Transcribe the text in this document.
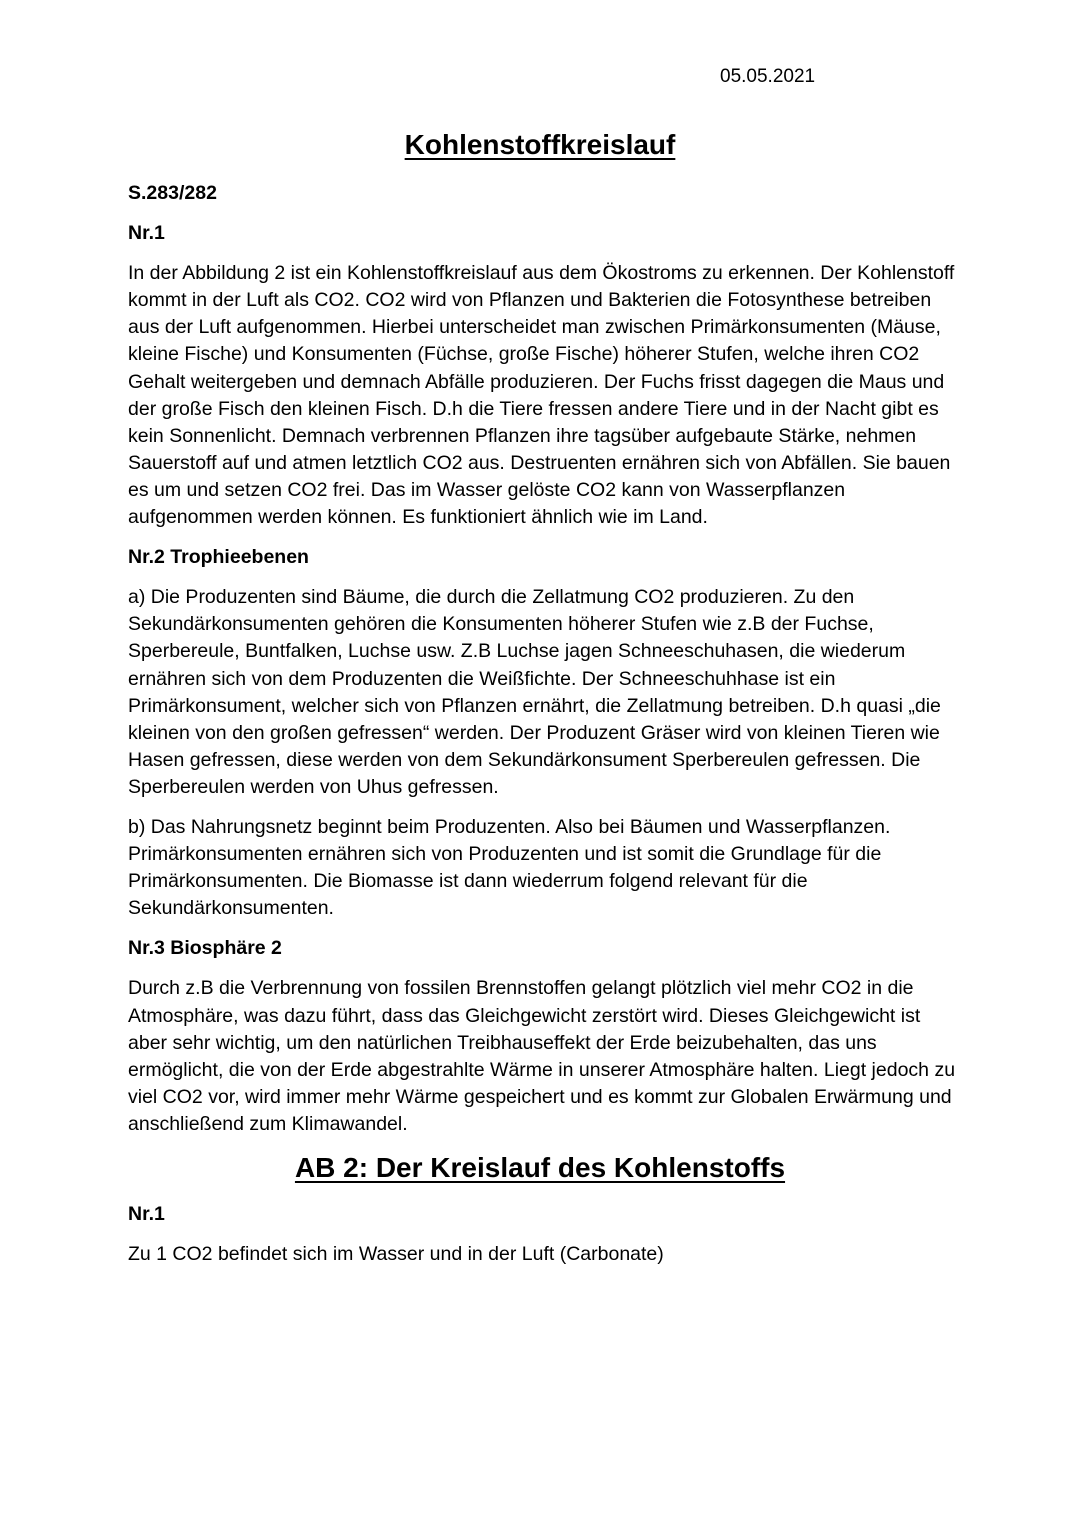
05.05.2021
Kohlenstoffkreislauf
S.283/282
Nr.1
In der Abbildung 2 ist ein Kohlenstoffkreislauf aus dem Ökostroms zu erkennen. Der Kohlenstoff kommt in der Luft als CO2. CO2 wird von Pflanzen und Bakterien die Fotosynthese betreiben aus der Luft aufgenommen. Hierbei unterscheidet man zwischen Primärkonsumenten (Mäuse, kleine Fische) und Konsumenten (Füchse, große Fische) höherer Stufen, welche ihren CO2 Gehalt weitergeben und demnach Abfälle produzieren. Der Fuchs frisst dagegen die Maus und der große Fisch den kleinen Fisch. D.h die Tiere fressen andere Tiere und in der Nacht gibt es kein Sonnenlicht. Demnach verbrennen Pflanzen ihre tagsüber aufgebaute Stärke, nehmen Sauerstoff auf und atmen letztlich CO2 aus. Destruenten ernähren sich von Abfällen. Sie bauen es um und setzen CO2 frei. Das im Wasser gelöste CO2 kann von Wasserpflanzen aufgenommen werden können. Es funktioniert ähnlich wie im Land.
Nr.2 Trophieebenen
a) Die Produzenten sind Bäume, die durch die Zellatmung CO2 produzieren. Zu den Sekundärkonsumenten gehören die Konsumenten höherer Stufen wie z.B der Fuchse, Sperbereule, Buntfalken, Luchse usw. Z.B Luchse jagen Schneeschuhasen, die wiederum ernähren sich von dem Produzenten die Weißfichte. Der Schneeschuhhase ist ein Primärkonsument, welcher sich von Pflanzen ernährt, die Zellatmung betreiben. D.h quasi „die kleinen von den großen gefressen“ werden. Der Produzent Gräser wird von kleinen Tieren wie Hasen gefressen, diese werden von dem Sekundärkonsument Sperbereulen gefressen. Die Sperbereulen werden von Uhus gefressen.
b) Das Nahrungsnetz beginnt beim Produzenten. Also bei Bäumen und Wasserpflanzen. Primärkonsumenten ernähren sich von Produzenten und ist somit die Grundlage für die Primärkonsumenten. Die Biomasse ist dann wiederrum folgend relevant für die Sekundärkonsumenten.
Nr.3 Biosphäre 2
Durch z.B die Verbrennung von fossilen Brennstoffen gelangt plötzlich viel mehr CO2 in die Atmosphäre, was dazu führt, dass das Gleichgewicht zerstört wird. Dieses Gleichgewicht ist aber sehr wichtig, um den natürlichen Treibhauseffekt der Erde beizubehalten, das uns ermöglicht, die von der Erde abgestrahlte Wärme in unserer Atmosphäre halten. Liegt jedoch zu viel CO2 vor, wird immer mehr Wärme gespeichert und es kommt zur Globalen Erwärmung und anschließend zum Klimawandel.
AB 2: Der Kreislauf des Kohlenstoffs
Nr.1
Zu 1 CO2 befindet sich im Wasser und in der Luft (Carbonate)
